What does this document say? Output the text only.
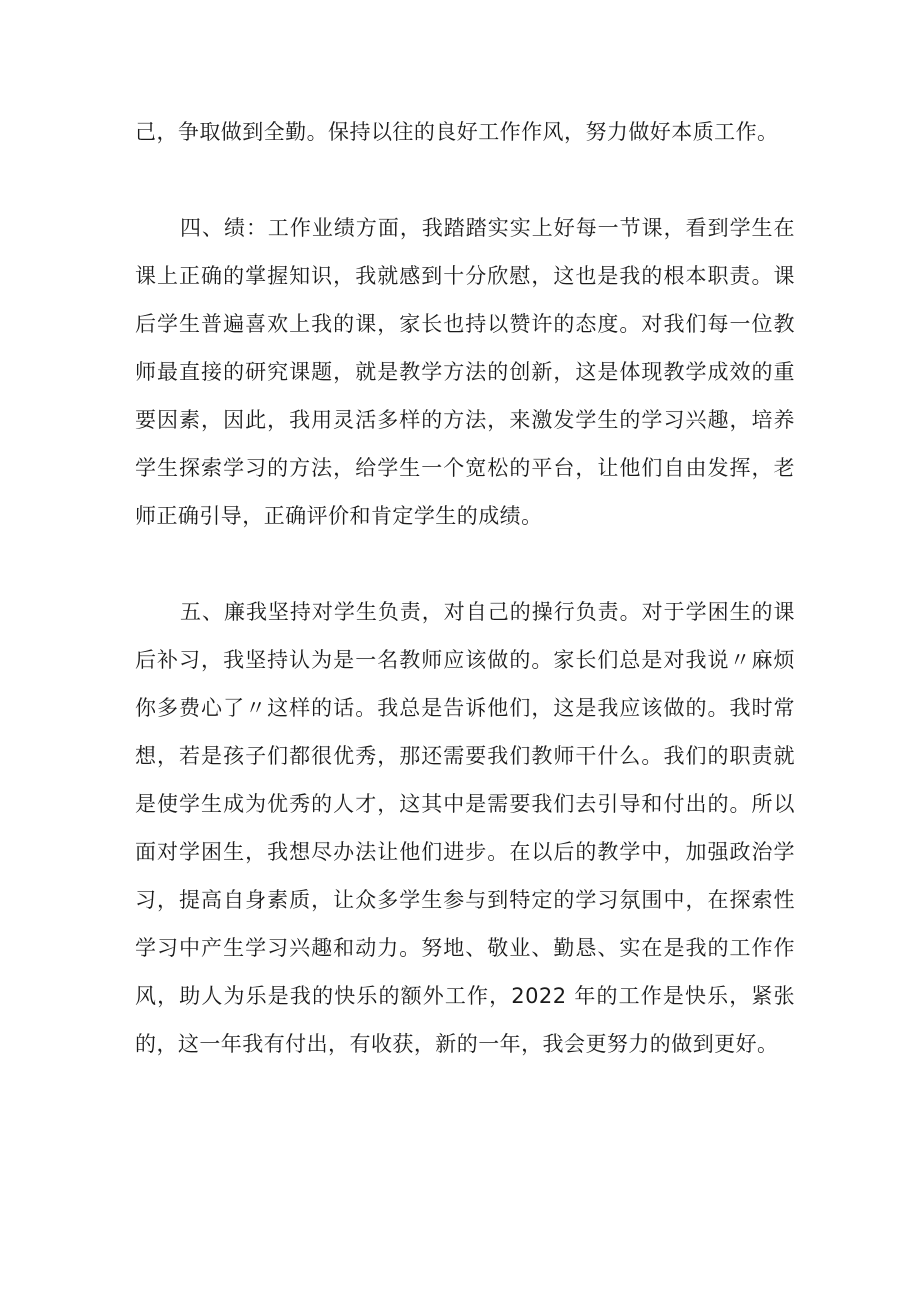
己，争取做到全勤。保持以往的良好工作作风，努力做好本质工作。
四、绩：工作业绩方面，我踏踏实实上好每一节课，看到学生在
课上正确的掌握知识，我就感到十分欣慰，这也是我的根本职责。课
后学生普遍喜欢上我的课，家长也持以赞许的态度。对我们每一位教
师最直接的研究课题，就是教学方法的创新，这是体现教学成效的重
要因素，因此，我用灵活多样的方法，来激发学生的学习兴趣，培养
学生探索学习的方法，给学生一个宽松的平台，让他们自由发挥，老
师正确引导，正确评价和肯定学生的成绩。
五、廉我坚持对学生负责，对自己的操行负责。对于学困生的课
后补习，我坚持认为是一名教师应该做的。家长们总是对我说〃麻烦
你多费心了〃这样的话。我总是告诉他们，这是我应该做的。我时常
想，若是孩子们都很优秀，那还需要我们教师干什么。我们的职责就
是使学生成为优秀的人才，这其中是需要我们去引导和付出的。所以
面对学困生，我想尽办法让他们进步。在以后的教学中，加强政治学
习，提高自身素质，让众多学生参与到特定的学习氛围中，在探索性
学习中产生学习兴趣和动力。努地、敬业、勤恳、实在是我的工作作
风，助人为乐是我的快乐的额外工作，2022 年的工作是快乐，紧张
的，这一年我有付出，有收获，新的一年，我会更努力的做到更好。
